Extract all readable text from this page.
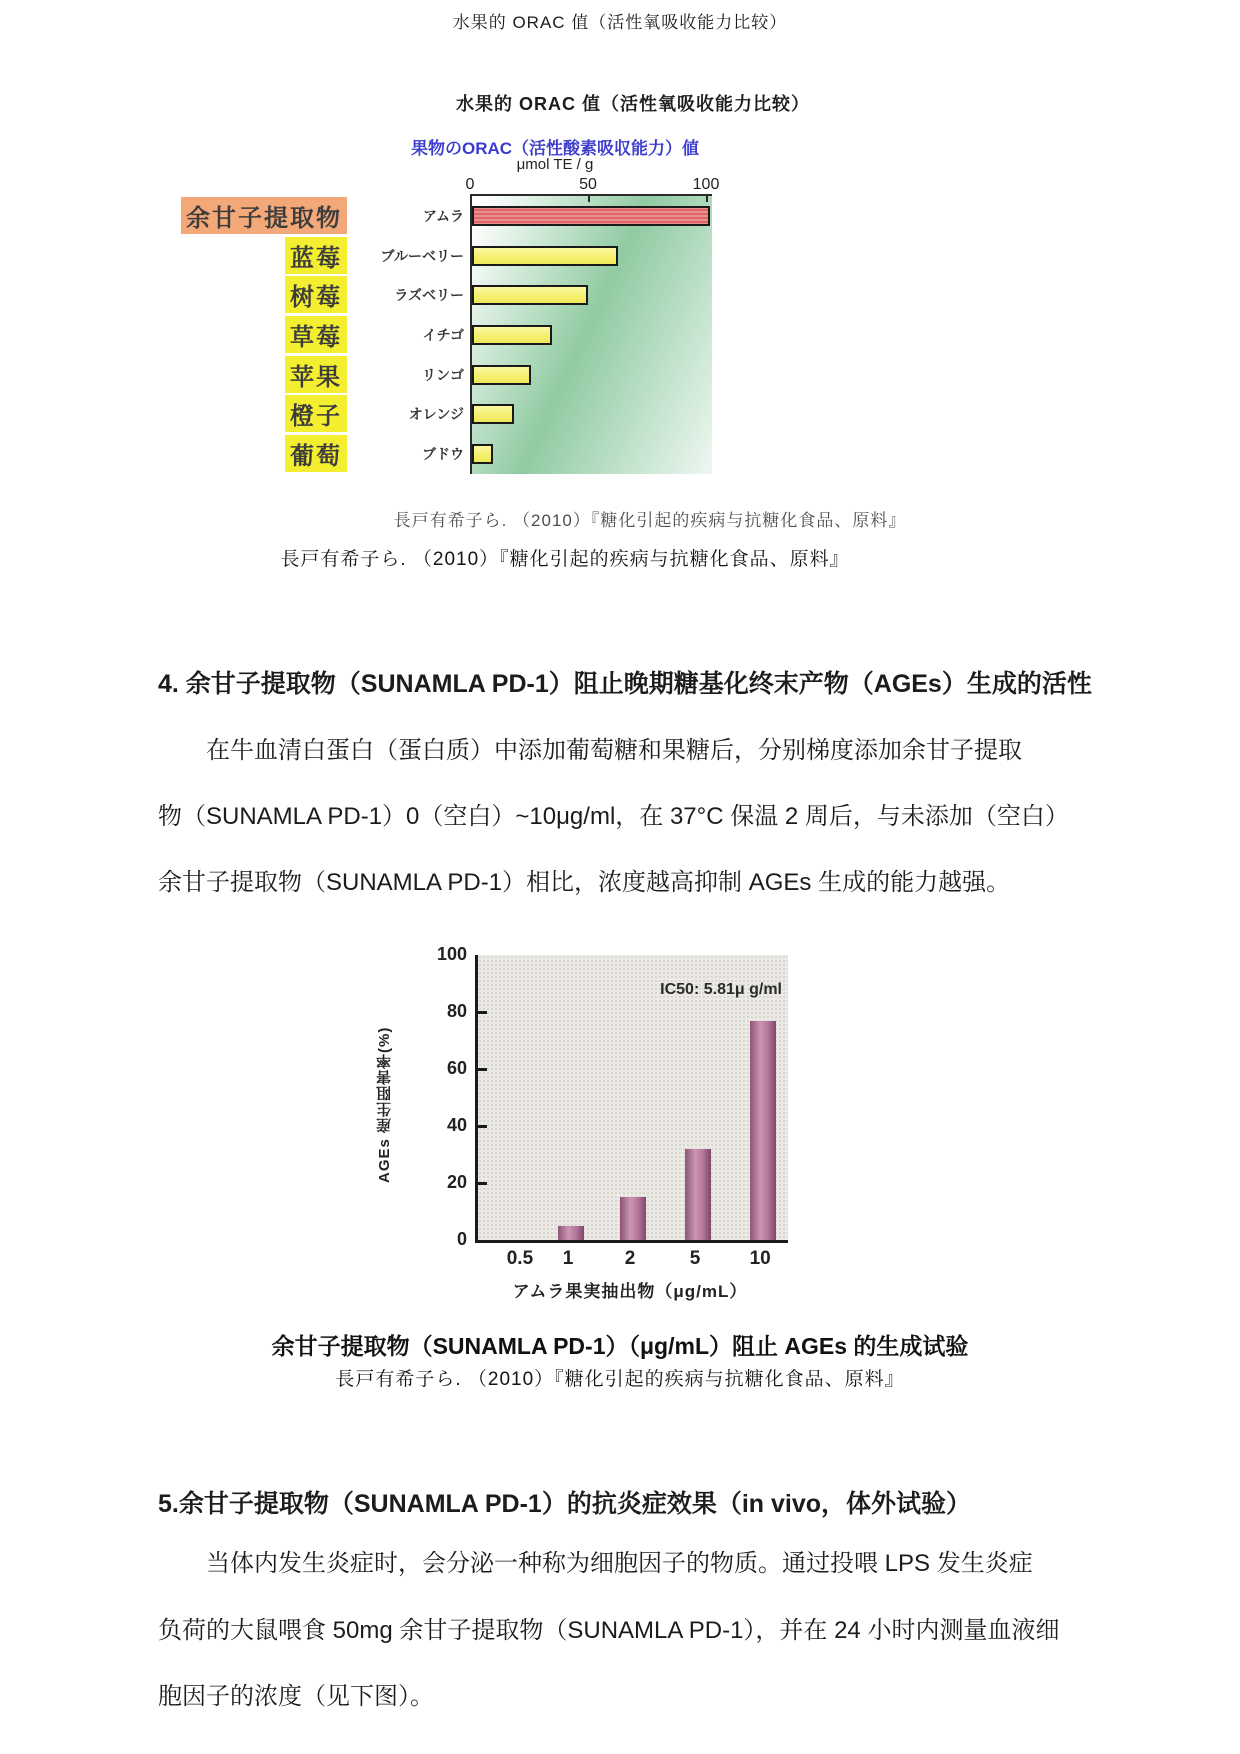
水果的 ORAC 值（活性氧吸收能力比较）
水果的 ORAC 值（活性氧吸收能力比较）
果物のORAC（活性酸素吸収能力）値
μmol TE / g
アムラ
ブルーベリー
ラズベリー
イチゴ
リンゴ
オレンジ
ブドウ
0	50	100
余甘子提取物
蓝莓
树莓
草莓
苹果
橙子
葡萄
長戸有希子ら. （2010）『糖化引起的疾病与抗糖化食品、原料』
長戸有希子ら. （2010）『糖化引起的疾病与抗糖化食品、原料』
4. 余甘子提取物（SUNAMLA PD-1）阻止晚期糖基化终末产物（AGEs）生成的活性
在牛血清白蛋白（蛋白质）中添加葡萄糖和果糖后，分别梯度添加余甘子提取
物（SUNAMLA PD-1）0（空白）~10μg/ml，在 37°C 保温 2 周后，与未添加（空白）
余甘子提取物（SUNAMLA PD-1）相比，浓度越高抑制 AGEs 生成的能力越强。
AGEs 産生阻害率(%)
IC50: 5.81μ g/ml
アムラ果実抽出物（μg/mL）
0
20
40
60
80
100
0.5	1	2	5	10
余甘子提取物（SUNAMLA PD-1）（μg/mL）阻止 AGEs 的生成试验
長戸有希子ら. （2010）『糖化引起的疾病与抗糖化食品、原料』
5.余甘子提取物（SUNAMLA PD-1）的抗炎症效果（in vivo，体外试验）
当体内发生炎症时，会分泌一种称为细胞因子的物质。通过投喂 LPS 发生炎症
负荷的大鼠喂食 50mg 余甘子提取物（SUNAMLA PD-1），并在 24 小时内测量血液细
胞因子的浓度（见下图）。
